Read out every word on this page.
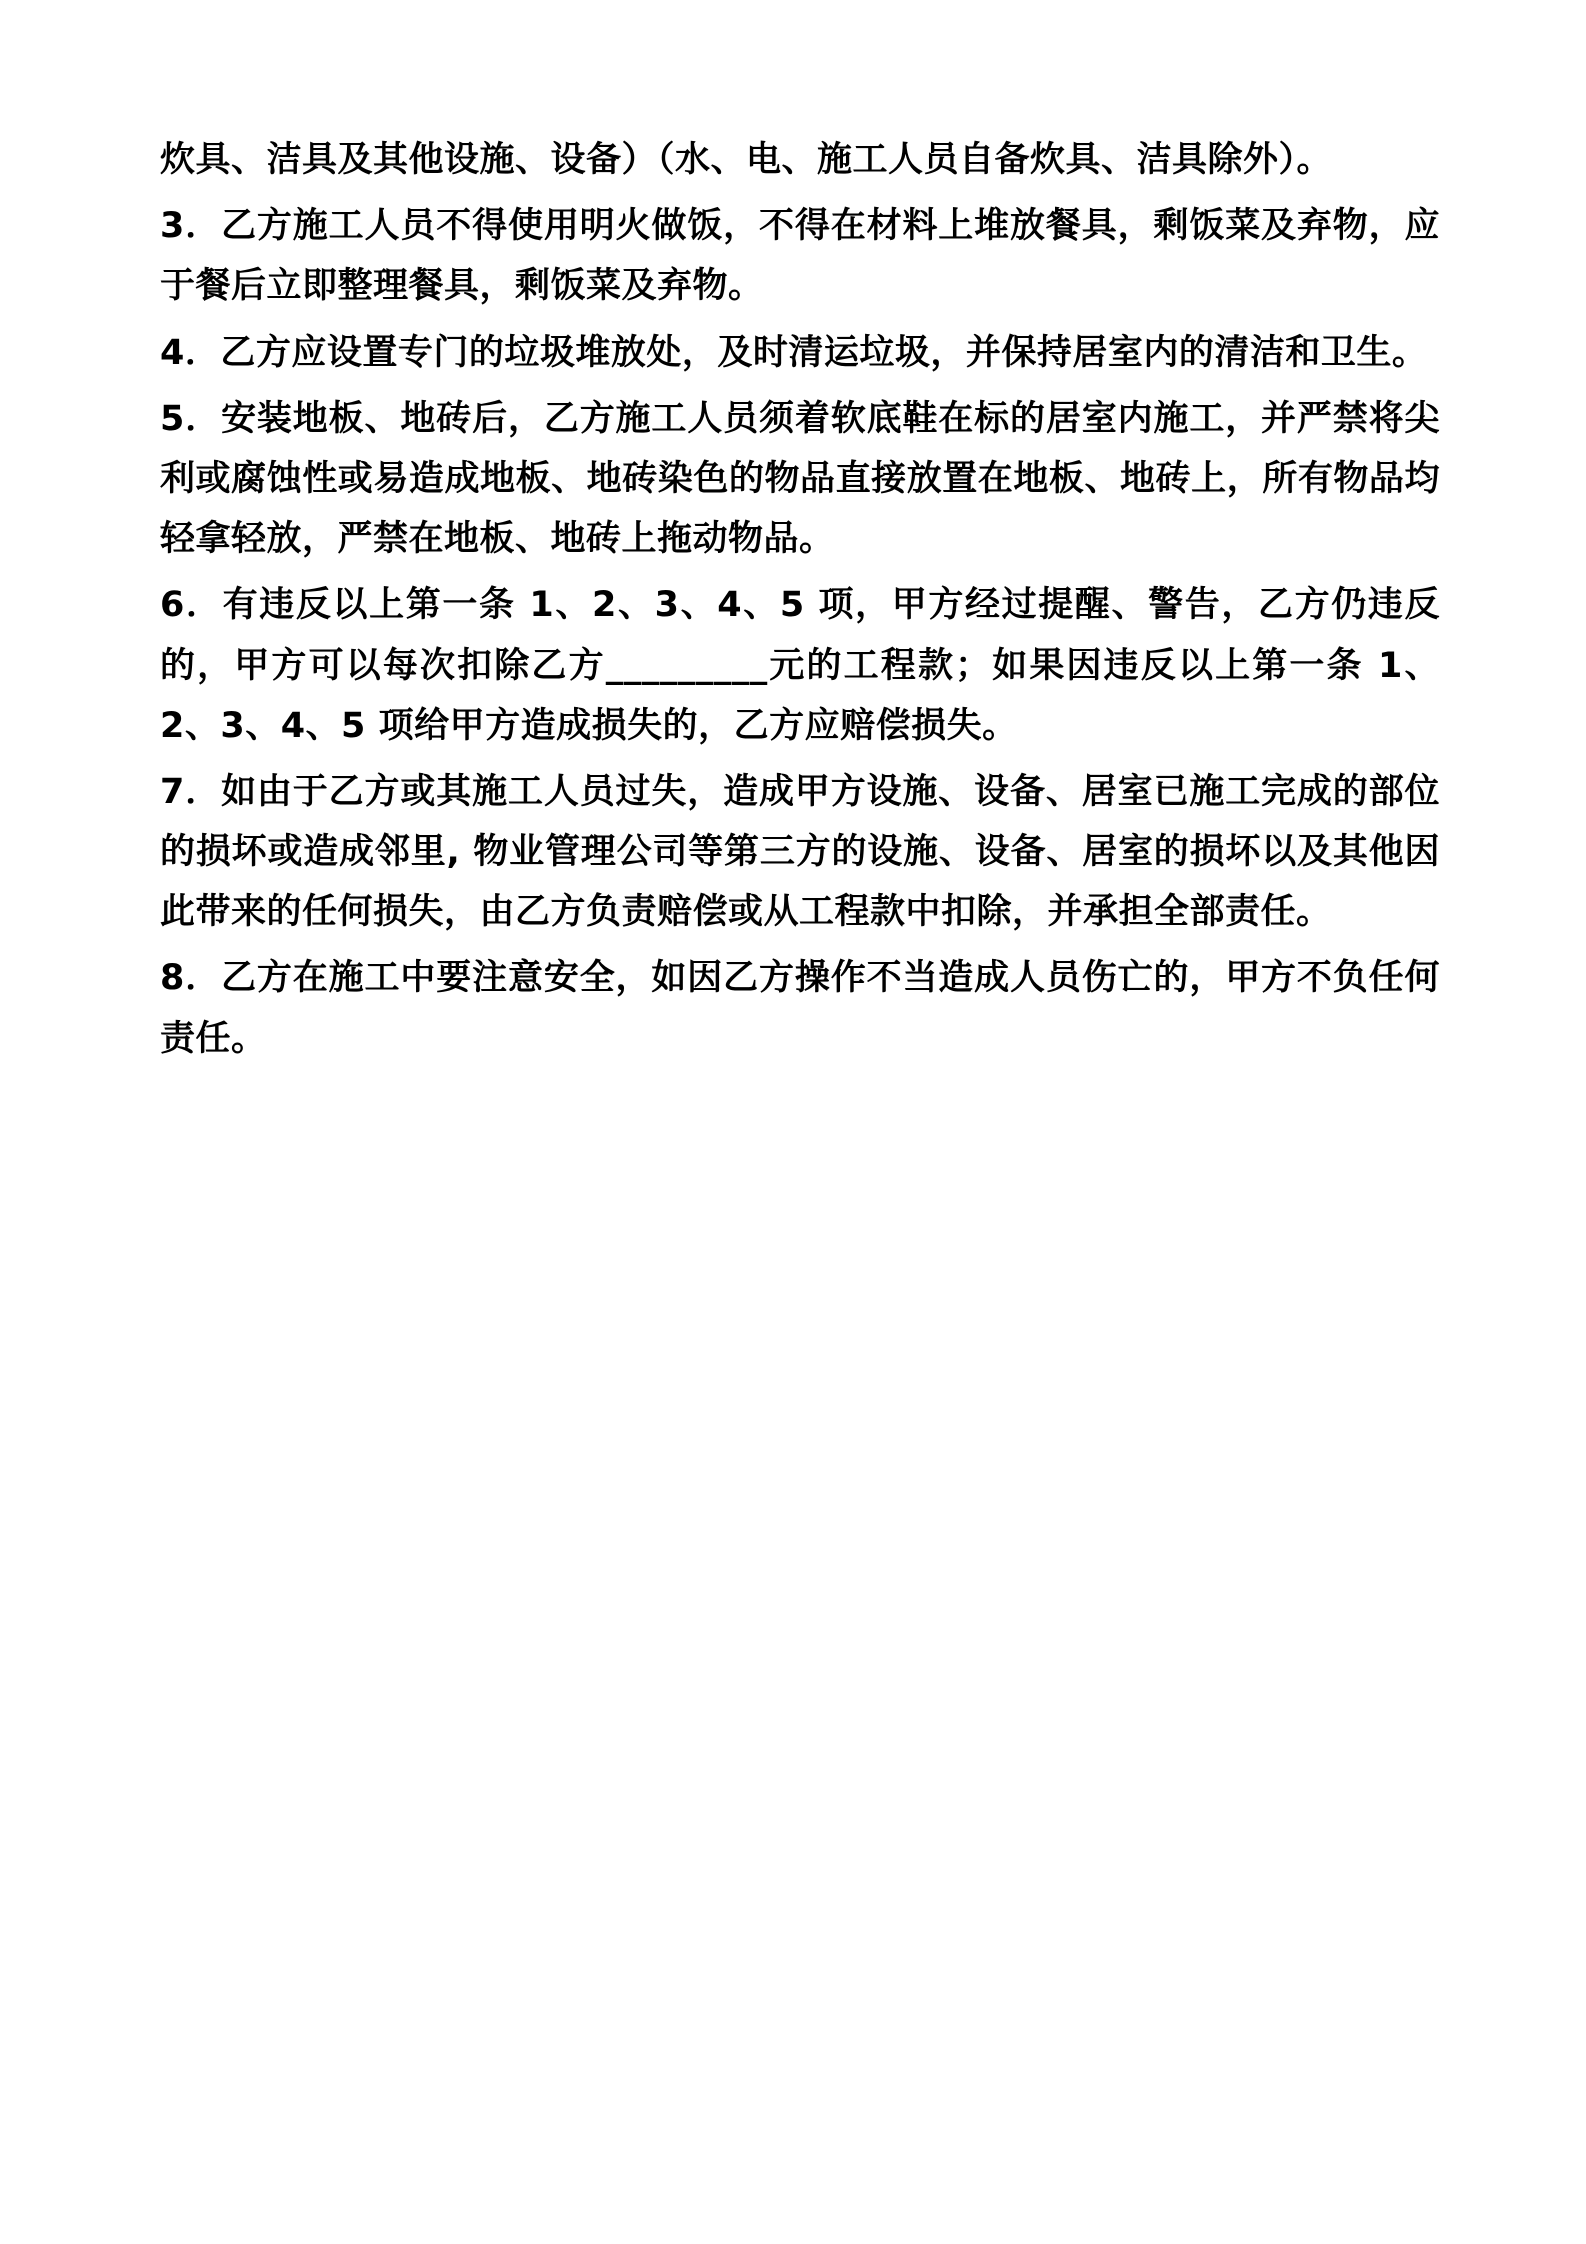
炊具、洁具及其他设施、设备）（水、电、施工人员自备炊具、洁具除外）。

3．乙方施工人员不得使用明火做饭，不得在材料上堆放餐具，剩饭菜及弃物，应于餐后立即整理餐具，剩饭菜及弃物。

4．乙方应设置专门的垃圾堆放处，及时清运垃圾，并保持居室内的清洁和卫生。

5．安装地板、地砖后，乙方施工人员须着软底鞋在标的居室内施工，并严禁将尖利或腐蚀性或易造成地板、地砖染色的物品直接放置在地板、地砖上，所有物品均轻拿轻放，严禁在地板、地砖上拖动物品。

6．有违反以上第一条 1、2、3、4、5 项，甲方经过提醒、警告，乙方仍违反的，甲方可以每次扣除乙方_________元的工程款；如果因违反以上第一条 1、2、3、4、5 项给甲方造成损失的，乙方应赔偿损失。

7．如由于乙方或其施工人员过失，造成甲方设施、设备、居室已施工完成的部位的损坏或造成邻里, 物业管理公司等第三方的设施、设备、居室的损坏以及其他因此带来的任何损失，由乙方负责赔偿或从工程款中扣除，并承担全部责任。

8．乙方在施工中要注意安全，如因乙方操作不当造成人员伤亡的，甲方不负任何责任。
